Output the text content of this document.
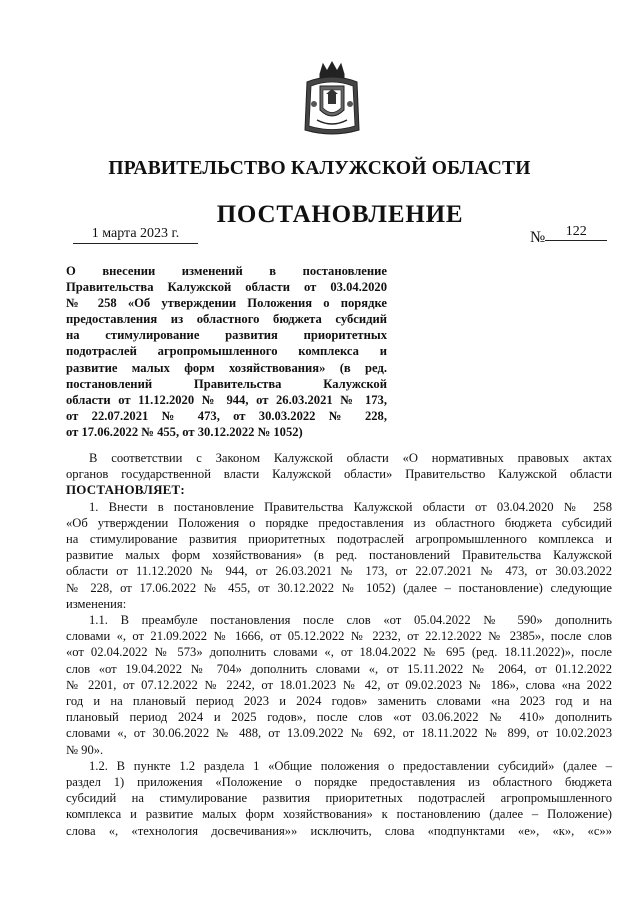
ПРАВИТЕЛЬСТВО КАЛУЖСКОЙ ОБЛАСТИ
ПОСТАНОВЛЕНИЕ
1 марта 2023 г.	№ 122

О внесении изменений в постановление

Правительства Калужской области от 03.04.2020

№ 258 «Об утверждении Положения о порядке

предоставления из областного бюджета субсидий

на стимулирование развития приоритетных

подотраслей агропромышленного комплекса и

развитие малых форм хозяйствования» (в ред.

постановлений Правительства Калужской

области от 11.12.2020 № 944, от 26.03.2021 № 173,

от 22.07.2021 № 473, от 30.03.2022 № 228,

от 17.06.2022 № 455, от 30.12.2022 № 1052)

В соответствии с Законом Калужской области «О нормативных правовых актах
органов государственной власти Калужской области» Правительство Калужской области
ПОСТАНОВЛЯЕТ:
1. Внести в постановление Правительства Калужской области от 03.04.2020 № 258
«Об утверждении Положения о порядке предоставления из областного бюджета субсидий
на стимулирование развития приоритетных подотраслей агропромышленного комплекса и
развитие малых форм хозяйствования» (в ред. постановлений Правительства Калужской
области от 11.12.2020 № 944, от 26.03.2021 № 173, от 22.07.2021 № 473, от 30.03.2022
№ 228, от 17.06.2022 № 455, от 30.12.2022 № 1052) (далее – постановление) следующие
изменения:
1.1. В преамбуле постановления после слов «от 05.04.2022 № 590» дополнить
словами «, от 21.09.2022 № 1666, от 05.12.2022 № 2232, от 22.12.2022 № 2385», после слов
«от 02.04.2022 № 573» дополнить словами «, от 18.04.2022 № 695 (ред. 18.11.2022)», после
слов «от 19.04.2022 № 704» дополнить словами «, от 15.11.2022 № 2064, от 01.12.2022
№ 2201, от 07.12.2022 № 2242, от 18.01.2023 № 42, от 09.02.2023 № 186», слова «на 2022
год и на плановый период 2023 и 2024 годов» заменить словами «на 2023 год и на
плановый период 2024 и 2025 годов», после слов «от 03.06.2022 № 410» дополнить
словами «, от 30.06.2022 № 488, от 13.09.2022 № 692, от 18.11.2022 № 899, от 10.02.2023
№ 90».
1.2. В пункте 1.2 раздела 1 «Общие положения о предоставлении субсидий» (далее –
раздел 1) приложения «Положение о порядке предоставления из областного бюджета
субсидий на стимулирование развития приоритетных подотраслей агропромышленного
комплекса и развитие малых форм хозяйствования» к постановлению (далее – Положение)
слова «, «технология досвечивания»» исключить, слова «подпунктами «е», «к», «с»»
